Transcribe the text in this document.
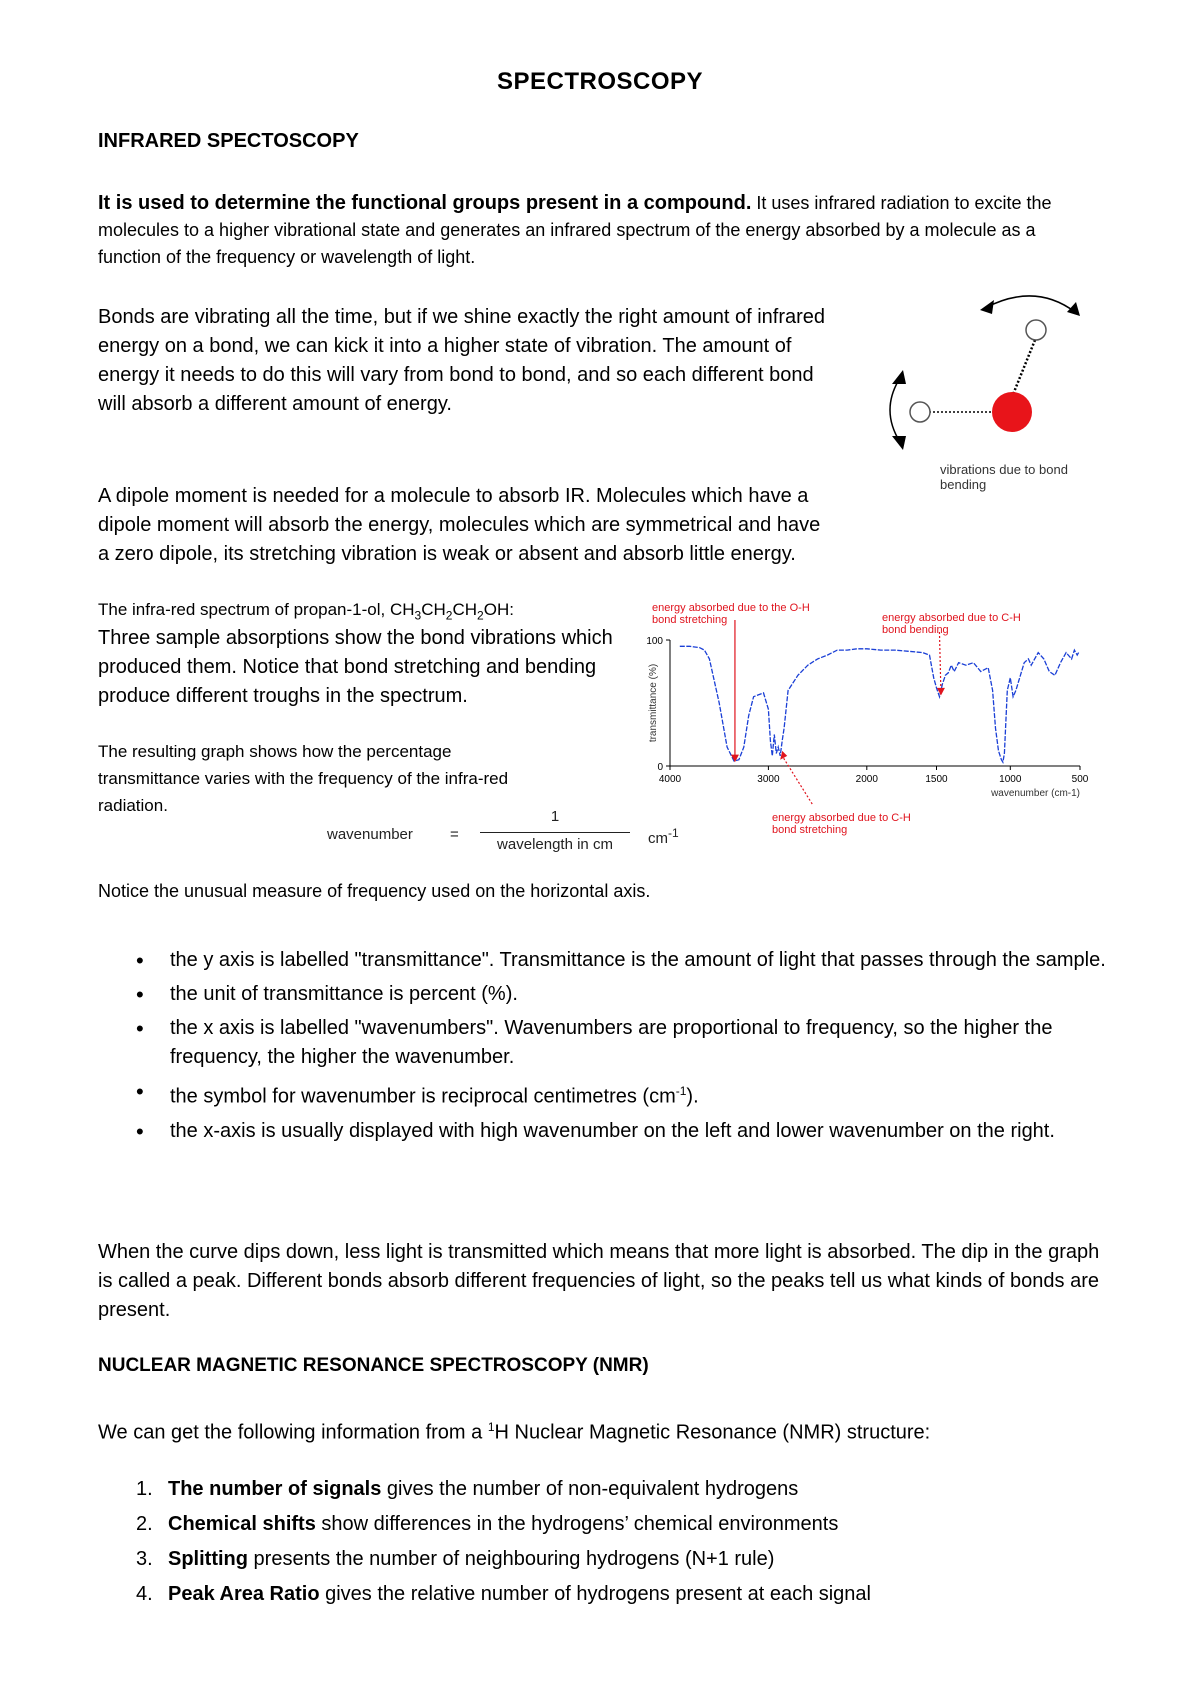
SPECTROSCOPY
INFRARED SPECTOSCOPY
It is used to determine the functional groups present in a compound. It uses infrared radiation to excite the molecules to a higher vibrational state and generates an infrared spectrum of the energy absorbed by a molecule as a function of the frequency or wavelength of light.
Bonds are vibrating all the time, but if we shine exactly the right amount of infrared energy on a bond, we can kick it into a higher state of vibration. The amount of energy it needs to do this will vary from bond to bond, and so each different bond will absorb a different amount of energy.
vibrations due to bond bending
A dipole moment is needed for a molecule to absorb IR. Molecules which have a dipole moment will absorb the energy, molecules which are symmetrical and have a zero dipole, its stretching vibration is weak or absent and absorb little energy.
The infra-red spectrum of propan-1-ol, $CH_3CH_2CH_2OH$:
Three sample absorptions show the bond vibrations which produced them. Notice that bond stretching and bending produce different troughs in the spectrum.
The resulting graph shows how the percentage transmittance varies with the frequency of the infra-red radiation.
wavenumber =
1
wavelength in cm	$cm^{-1}$
100
0
4000	3000	2000	1500	1000	500
wavenumber (cm-1)
transmittance (%)
energy absorbed due to the O-H bond stretching	energy absorbed due to C-H bond bending
energy absorbed due to C-H bond stretching
Notice the unusual measure of frequency used on the horizontal axis.
• the y axis is labelled "transmittance". Transmittance is the amount of light that passes through the sample.
• the unit of transmittance is percent (%).
• the x axis is labelled "wavenumbers". Wavenumbers are proportional to frequency, so the higher the frequency, the higher the wavenumber.
• the symbol for wavenumber is reciprocal centimetres $(cm^{-1})$.
• the x-axis is usually displayed with high wavenumber on the left and lower wavenumber on the right.
When the curve dips down, less light is transmitted which means that more light is absorbed. The dip in the graph is called a peak. Different bonds absorb different frequencies of light, so the peaks tell us what kinds of bonds are present.
NUCLEAR MAGNETIC RESONANCE SPECTROSCOPY (NMR)
We can get the following information from a $^1$H Nuclear Magnetic Resonance (NMR) structure:
1. The number of signals gives the number of non-equivalent hydrogens
2. Chemical shifts show differences in the hydrogens’ chemical environments
3. Splitting presents the number of neighbouring hydrogens (N+1 rule)
4. Peak Area Ratio gives the relative number of hydrogens present at each signal
